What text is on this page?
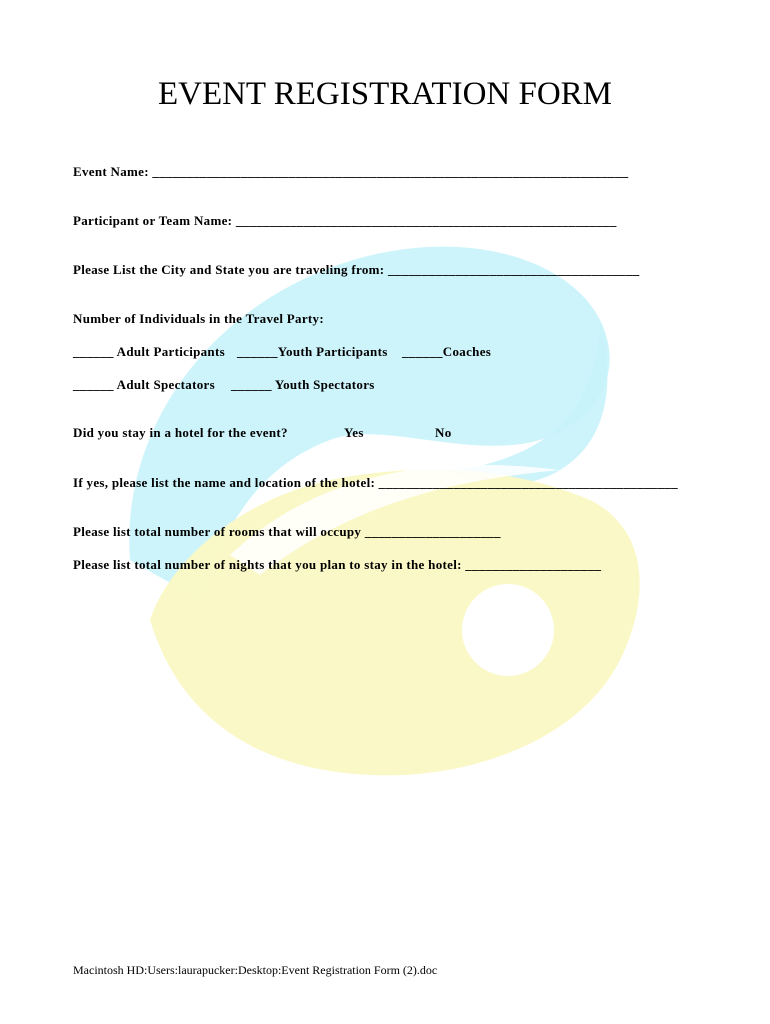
EVENT REGISTRATION FORM
Event Name: ______________________________________________________________________
Participant or Team Name: ________________________________________________________
Please List the City and State you are traveling from: _____________________________________
Number of Individuals in the Travel Party:
______ Adult Participants ______Youth Participants ______Coaches
______ Adult Spectators ______ Youth Spectators
Did you stay in a hotel for the event?	Yes	No
If yes, please list the name and location of the hotel: ____________________________________________
Please list total number of rooms that will occupy ____________________
Please list total number of nights that you plan to stay in the hotel: ____________________
Macintosh HD:Users:laurapucker:Desktop:Event Registration Form (2).doc
